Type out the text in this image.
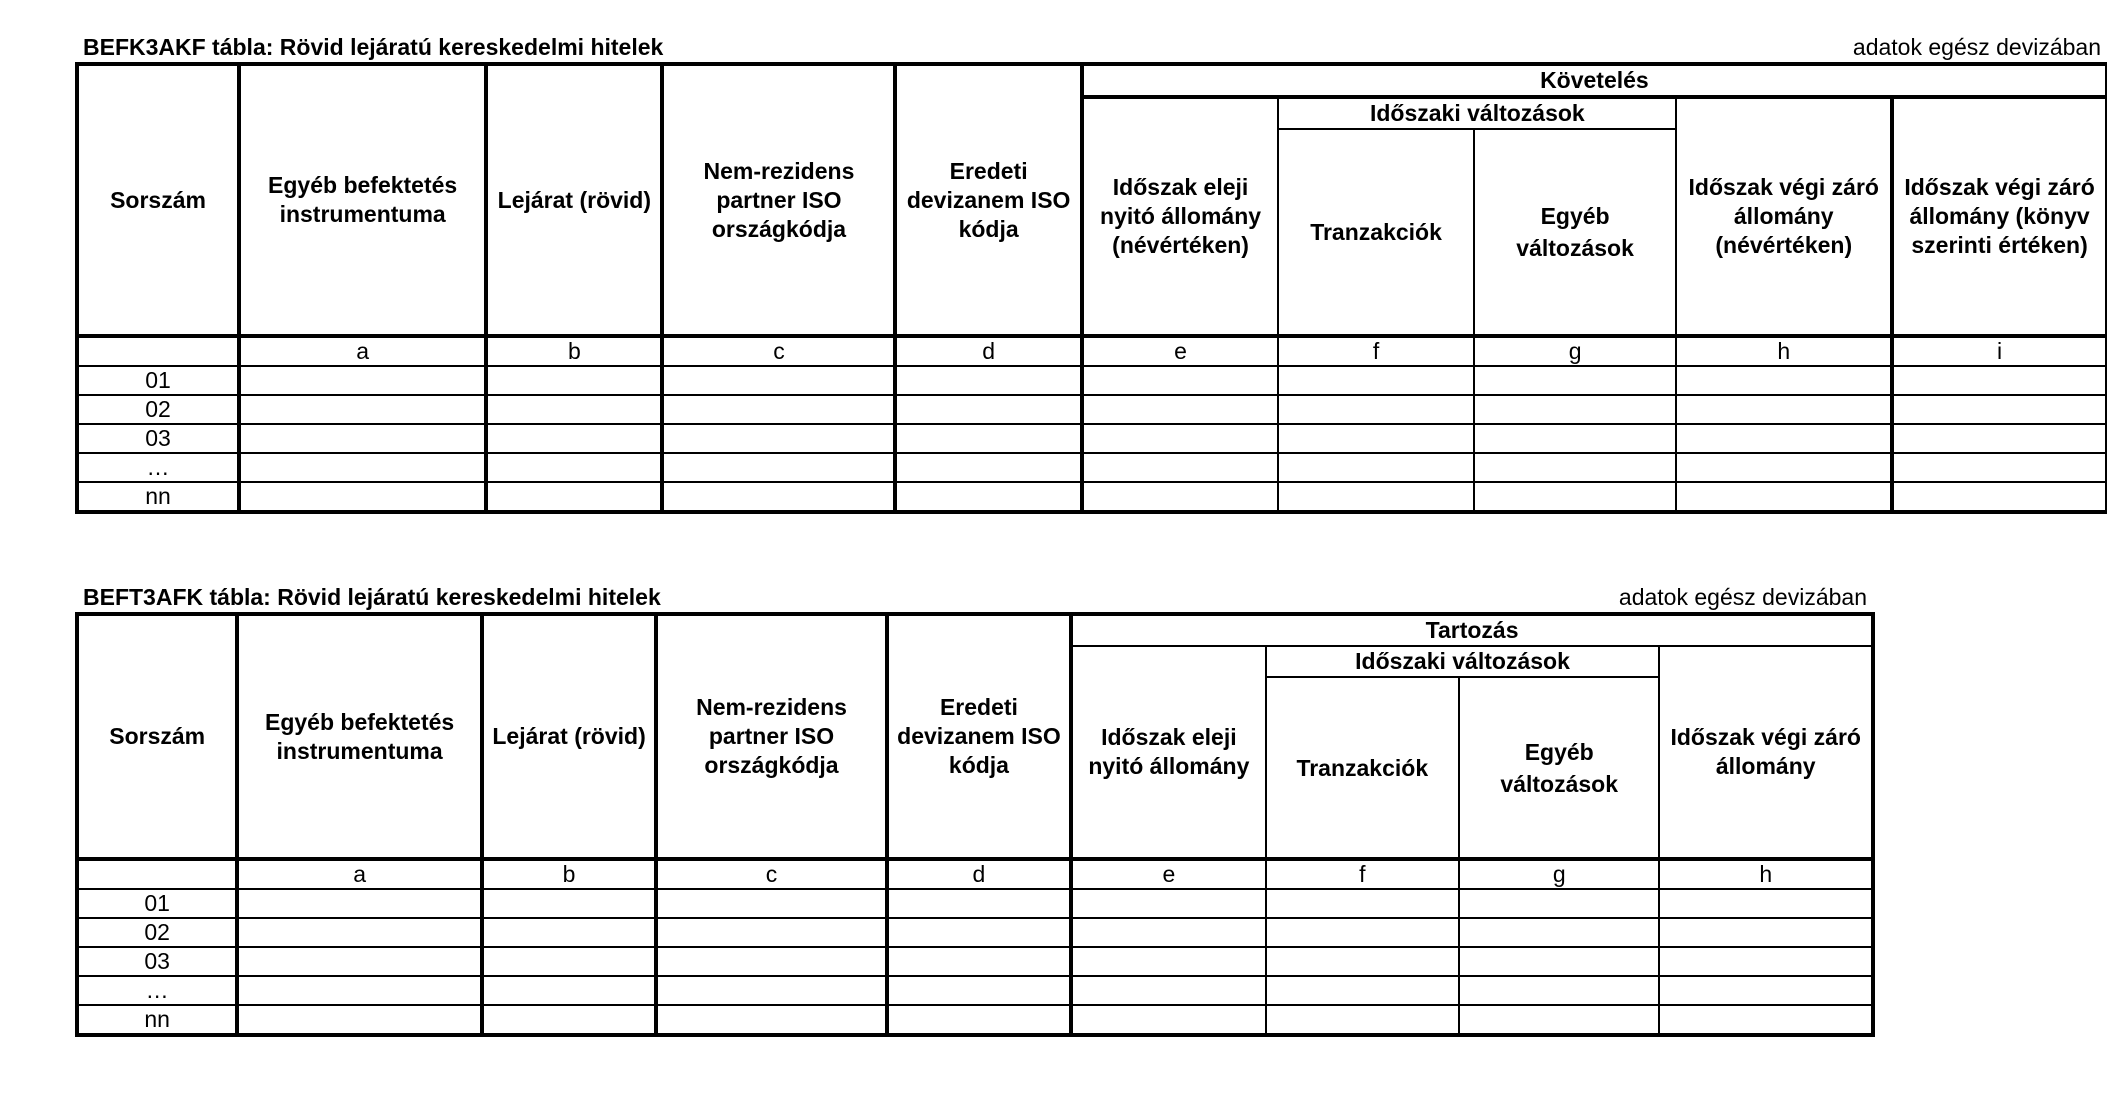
BEFK3AKF tábla: Rövid lejáratú kereskedelmi hitelek	adatok egész devizában
Sorszám	Egyéb befektetés instrumentuma	Lejárat (rövid)	Nem-rezidens partner ISO országkódja	Eredeti devizanem ISO kódja	Követelés				
					Időszak eleji nyitó állomány (névértéken)	Időszaki változások		Időszak végi záró állomány (névértéken)	Időszak végi záró állomány (könyv szerinti értéken)
						Tranzakciók	Egyéb változások		
	a	b	c	d	e	f	g	h	i
01									
02									
03									
…									
nn									
BEFT3AFK tábla: Rövid lejáratú kereskedelmi hitelek	adatok egész devizában
Sorszám	Egyéb befektetés instrumentuma	Lejárat (rövid)	Nem-rezidens partner ISO országkódja	Eredeti devizanem ISO kódja	Tartozás			
					Időszak eleji nyitó állomány	Időszaki változások		Időszak végi záró állomány
						Tranzakciók	Egyéb változások	
	a	b	c	d	e	f	g	h
01								
02								
03								
…								
nn								
